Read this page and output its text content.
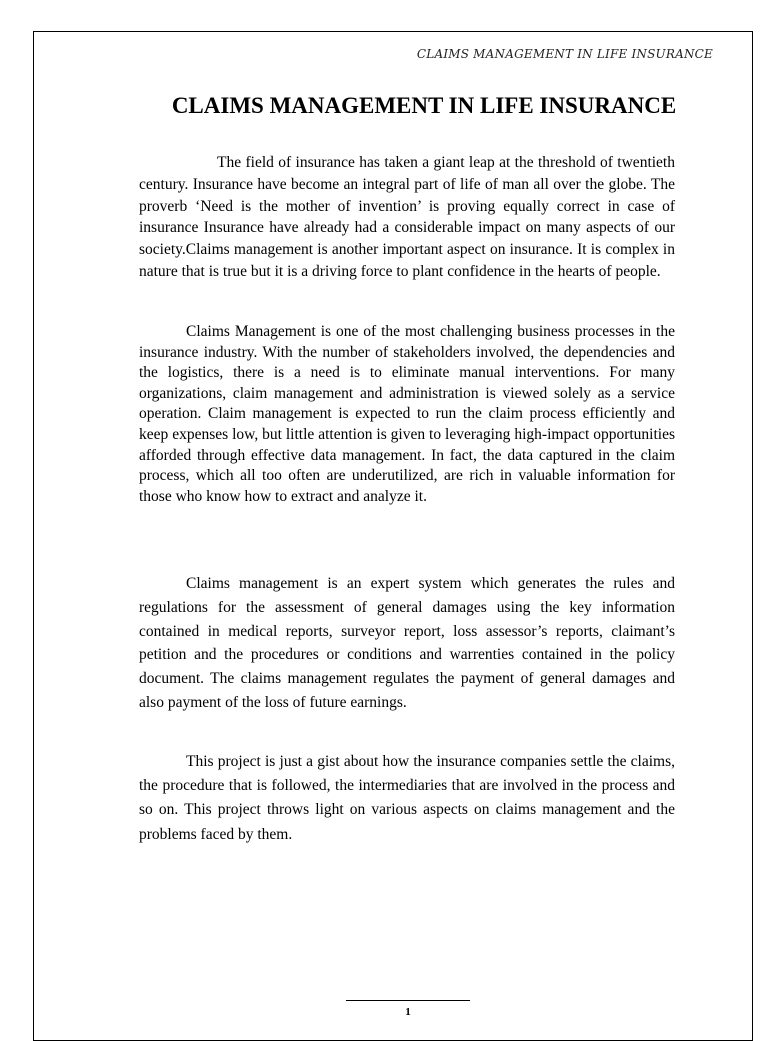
CLAIMS MANAGEMENT IN LIFE INSURANCE
CLAIMS MANAGEMENT IN LIFE INSURANCE

The field of insurance has taken a giant leap at the threshold of twentieth century. Insurance have become an integral part of life of man all over the globe. The proverb ‘Need is the mother of invention’ is proving equally correct in case of insurance Insurance have already had a considerable impact on many aspects of our society.Claims management is another important aspect on insurance. It is complex in nature that is true but it is a driving force to plant confidence in the hearts of people.

Claims Management is one of the most challenging business processes in the insurance industry. With the number of stakeholders involved, the dependencies and the logistics, there is a need is to eliminate manual interventions. For many organizations, claim management and administration is viewed solely as a service operation. Claim management is expected to run the claim process efficiently and keep expenses low, but little attention is given to leveraging high-impact opportunities afforded through effective data management. In fact, the data captured in the claim process, which all too often are underutilized, are rich in valuable information for those who know how to extract and analyze it.

Claims management is an expert system which generates the rules and regulations for the assessment of general damages using the key information contained in medical reports, surveyor report, loss assessor’s reports, claimant’s petition and the procedures or conditions and warrenties contained in the policy document. The claims management regulates the payment of general damages and also payment of the loss of future earnings.

This project is just a gist about how the insurance companies settle the claims, the procedure that is followed, the intermediaries that are involved in the process and so on. This project throws light on various aspects on claims management and the problems faced by them.

1
